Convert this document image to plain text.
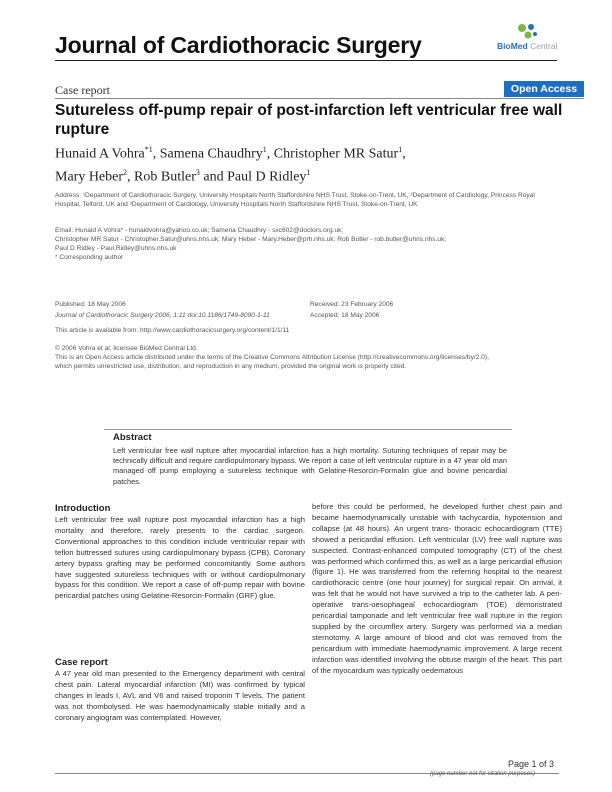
Journal of Cardiothoracic Surgery	BioMed Central
Case report	Open Access
Sutureless off-pump repair of post-infarction left ventricular free wall rupture
Hunaid A Vohra$^{*1}$, Samena Chaudhry$^1$, Christopher MR Satur$^1$,
Mary Heber$^2$, Rob Butler$^3$ and Paul D Ridley$^1$
Address: ¹Department of Cardiothoracic Surgery, University Hospitals North Staffordshire NHS Trust, Stoke-on-Trent, UK, ²Department of Cardiology, Princess Royal Hospital, Telford, UK and ³Department of Cardiology, University Hospitals North Staffordshire NHS Trust, Stoke-on-Trent, UK
Email: Hunaid A Vohra* - hunaidvohra@yahoo.co.uk; Samena Chaudhry - sxc602@doctors.org.uk;
Christopher MR Satur - Christopher.Satur@uhns.nhs.uk; Mary Heber - Mary.Heber@prh.nhs.uk; Rob Butler - rob.butler@uhns.nhs.uk;
Paul D Ridley - Paul.Ridley@uhns.nhs.uk
* Corresponding author
Published: 18 May 2006
Journal of Cardiothoracic Surgery 2006, 1:11 doi:10.1186/1749-8090-1-11
Received: 23 February 2006
Accepted: 18 May 2006
This article is available from: http://www.cardiothoracicsurgery.org/content/1/1/11
© 2006 Vohra et al; licensee BioMed Central Ltd.
This is an Open Access article distributed under the terms of the Creative Commons Attribution License (http://creativecommons.org/licenses/by/2.0),
which permits unrestricted use, distribution, and reproduction in any medium, provided the original work is properly cited.
Abstract
Left ventricular free wall rupture after myocardial infarction has a high mortality. Suturing techniques of repair may be technically difficult and require cardiopulmonary bypass. We report a case of left ventricular rupture in a 47 year old man managed off pump employing a sutureless technique with Gelatine-Resorcin-Formalin glue and bovine pericardial patches.
Introduction

Left ventricular free wall rupture post myocardial infarction has a high mortality and therefore, rarely presents to the cardiac surgeon. Conventional approaches to this condition include ventricular repair with teflon buttressed sutures using cardiopulmonary bypass (CPB). Coronary artery bypass grafting may be performed concomitantly. Some authors have suggested sutureless techniques with or without cardiopulmonary bypass for this condition. We report a case of off-pump repair with bovine pericardial patches using Gelatine-Resorcin-Formalin (GRF) glue.

Case report

A 47 year old man presented to the Emergency department with central chest pain. Lateral myocardial infarction (MI) was confirmed by typical changes in leads I, AVL and V6 and raised troponin T levels. The patient was not thombolysed. He was haemodynamically stable initially and a coronary angiogram was contemplated. However,

before this could be performed, he developed further chest pain and became haemodynamically unstable with tachycardia, hypotension and collapse (at 48 hours). An urgent trans- thoracic echocardiogram (TTE) showed a pericardial effusion. Left ventricular (LV) free wall rupture was suspected. Contrast-enhanced computed tomography (CT) of the chest was performed which confirmed this, as well as a large pericardial effusion (figure 1). He was transferred from the referring hospital to the nearest cardiothoracic centre (one hour journey) for surgical repair. On arrival, it was felt that he would not have survived a trip to the catheter lab. A peri-operative trans-oesophageal echocardiogram (TOE) demonstrated pericardial tamponade and left ventricular free wall rupture in the region supplied by the circumflex artery. Surgery was performed via a median sternotomy. A large amount of blood and clot was removed from the pericardium with immediate haemodynamic improvement. A large recent infarction was identified involving the obtuse margin of the heart. This part of the myocardium was typically oedematous

Page 1 of 3
(page number not for citation purposes)
